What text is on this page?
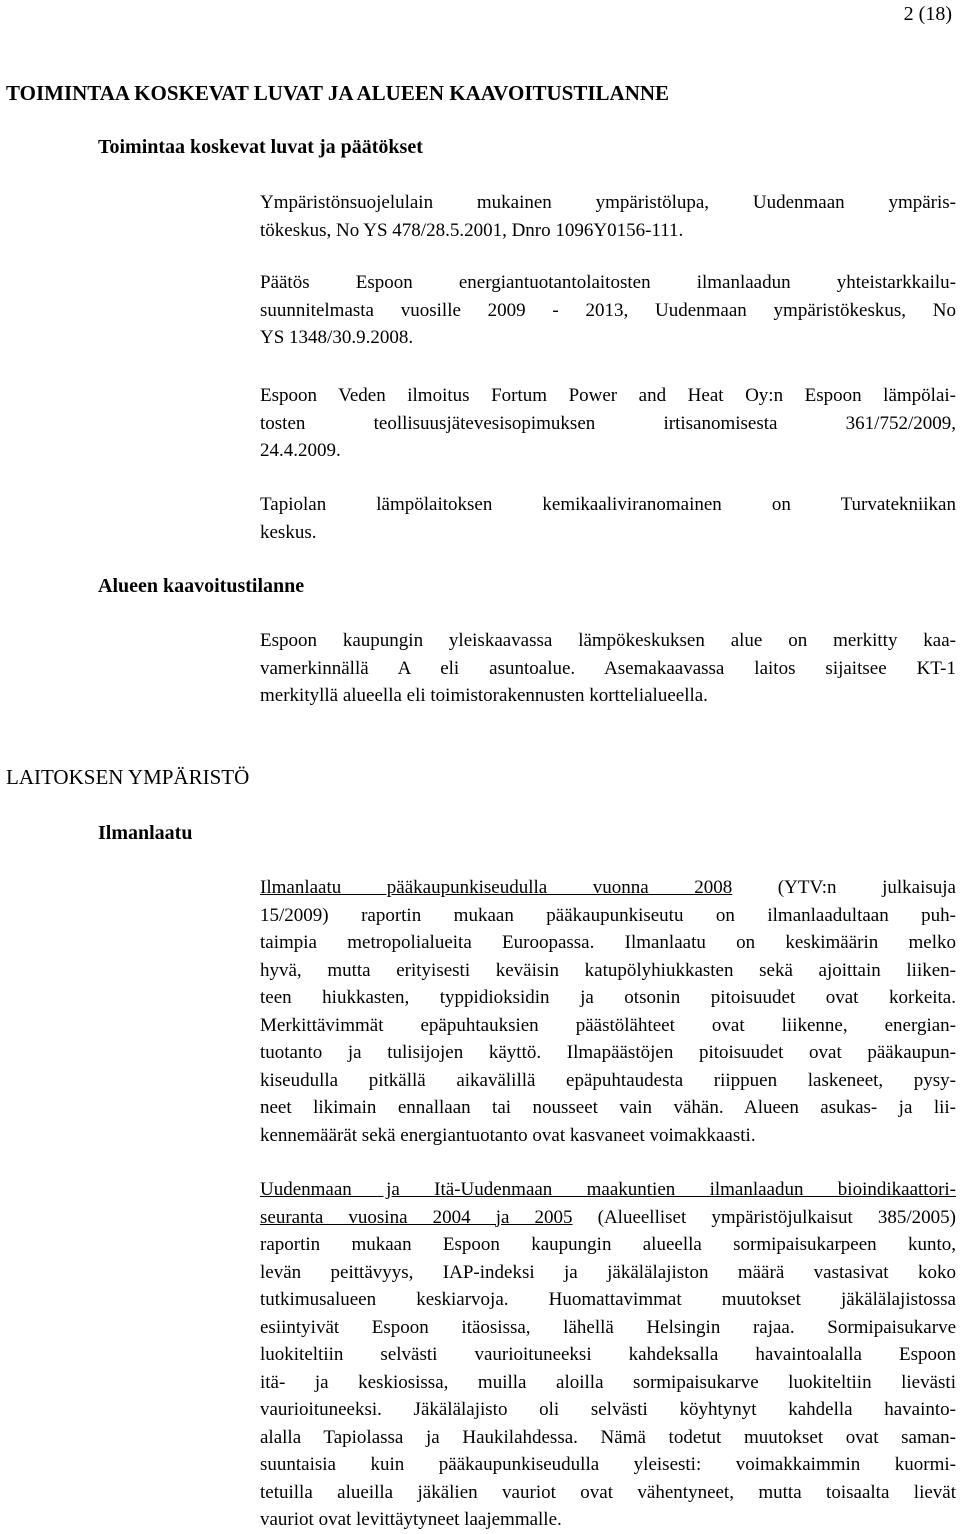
2 (18)
TOIMINTAA KOSKEVAT LUVAT JA ALUEEN KAAVOITUSTILANNE
Toimintaa koskevat luvat ja päätökset
Ympäristönsuojelulain mukainen ympäristölupa, Uudenmaan ympäris-
tökeskus, No YS 478/28.5.2001, Dnro 1096Y0156-111.
Päätös Espoon energiantuotantolaitosten ilmanlaadun yhteistarkkailu-
suunnitelmasta vuosille 2009 - 2013, Uudenmaan ympäristökeskus, No
YS 1348/30.9.2008.
Espoon Veden ilmoitus Fortum Power and Heat Oy:n Espoon lämpölai-
tosten teollisuusjätevesisopimuksen irtisanomisesta 361/752/2009,
24.4.2009.
Tapiolan lämpölaitoksen kemikaaliviranomainen on Turvatekniikan
keskus.
Alueen kaavoitustilanne
Espoon kaupungin yleiskaavassa lämpökeskuksen alue on merkitty kaa-
vamerkinnällä A eli asuntoalue. Asemakaavassa laitos sijaitsee KT-1
merkityllä alueella eli toimistorakennusten korttelialueella.
LAITOKSEN YMPÄRISTÖ
Ilmanlaatu
Ilmanlaatu pääkaupunkiseudulla vuonna 2008 (YTV:n julkaisuja
15/2009) raportin mukaan pääkaupunkiseutu on ilmanlaadultaan puh-
taimpia metropolialueita Euroopassa. Ilmanlaatu on keskimäärin melko
hyvä, mutta erityisesti keväisin katupölyhiukkasten sekä ajoittain liiken-
teen hiukkasten, typpidioksidin ja otsonin pitoisuudet ovat korkeita.
Merkittävimmät epäpuhtauksien päästölähteet ovat liikenne, energian-
tuotanto ja tulisijojen käyttö. Ilmapäästöjen pitoisuudet ovat pääkaupun-
kiseudulla pitkällä aikavälillä epäpuhtaudesta riippuen laskeneet, pysy-
neet likimain ennallaan tai nousseet vain vähän. Alueen asukas- ja lii-
kennemäärät sekä energiantuotanto ovat kasvaneet voimakkaasti.
Uudenmaan ja Itä-Uudenmaan maakuntien ilmanlaadun bioindikaattori-
seuranta vuosina 2004 ja 2005 (Alueelliset ympäristöjulkaisut 385/2005)
raportin mukaan Espoon kaupungin alueella sormipaisukarpeen kunto,
levän peittävyys, IAP-indeksi ja jäkälälajiston määrä vastasivat koko
tutkimusalueen keskiarvoja. Huomattavimmat muutokset jäkälälajistossa
esiintyivät Espoon itäosissa, lähellä Helsingin rajaa. Sormipaisukarve
luokiteltiin selvästi vaurioituneeksi kahdeksalla havaintoalalla Espoon
itä- ja keskiosissa, muilla aloilla sormipaisukarve luokiteltiin lievästi
vaurioituneeksi. Jäkälälajisto oli selvästi köyhtynyt kahdella havainto-
alalla Tapiolassa ja Haukilahdessa. Nämä todetut muutokset ovat saman-
suuntaisia kuin pääkaupunkiseudulla yleisesti: voimakkaimmin kuormi-
tetuilla alueilla jäkälien vauriot ovat vähentyneet, mutta toisaalta lievät
vauriot ovat levittäytyneet laajemmalle.
